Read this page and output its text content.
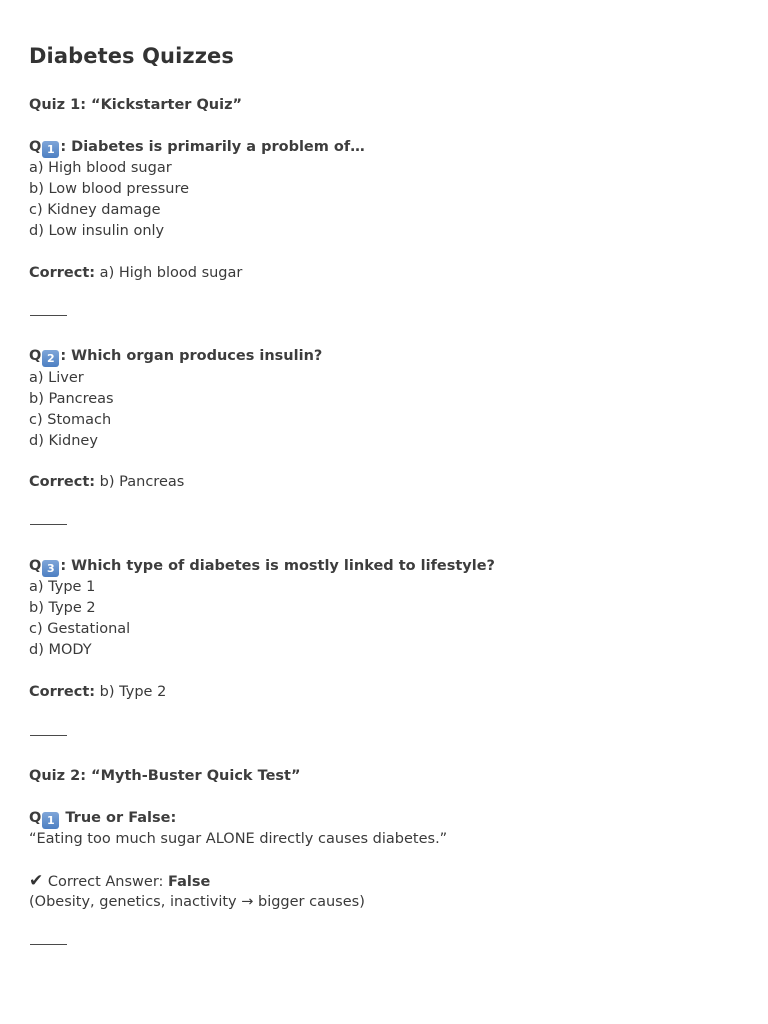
Diabetes Quizzes
Quiz 1: “Kickstarter Quiz”
Q 1 : Diabetes is primarily a problem of…
a) High blood sugar
b) Low blood pressure
c) Kidney damage
d) Low insulin only
Correct: a) High blood sugar
Q 2 : Which organ produces insulin?
a) Liver
b) Pancreas
c) Stomach
d) Kidney
Correct: b) Pancreas
Q 3 : Which type of diabetes is mostly linked to lifestyle?
a) Type 1
b) Type 2
c) Gestational
d) MODY
Correct: b) Type 2
Quiz 2: “Myth-Buster Quick Test”
Q 1 True or False:
“Eating too much sugar ALONE directly causes diabetes.”
✔ Correct Answer: False
(Obesity, genetics, inactivity → bigger causes)
